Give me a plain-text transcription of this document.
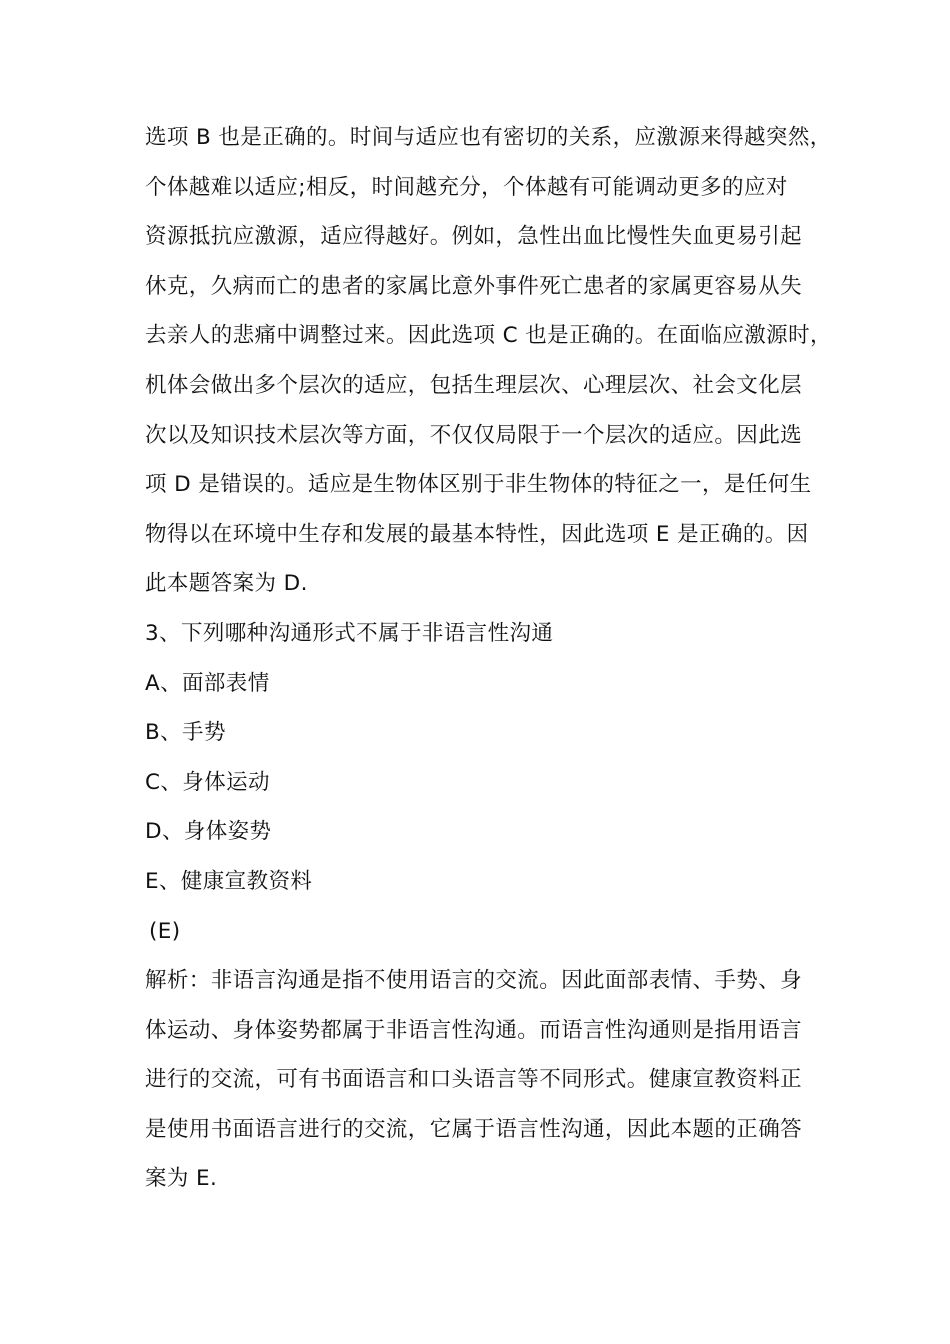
选项 B 也是正确的。时间与适应也有密切的关系，应激源来得越突然，
个体越难以适应;相反，时间越充分，个体越有可能调动更多的应对
资源抵抗应激源，适应得越好。例如，急性出血比慢性失血更易引起
休克，久病而亡的患者的家属比意外事件死亡患者的家属更容易从失
去亲人的悲痛中调整过来。因此选项 C 也是正确的。在面临应激源时，
机体会做出多个层次的适应，包括生理层次、心理层次、社会文化层
次以及知识技术层次等方面，不仅仅局限于一个层次的适应。因此选
项 D 是错误的。适应是生物体区别于非生物体的特征之一，是任何生
物得以在环境中生存和发展的最基本特性，因此选项 E 是正确的。因
此本题答案为 D.

3、下列哪种沟通形式不属于非语言性沟通

A、面部表情

B、手势

C、身体运动

D、身体姿势

E、健康宣教资料

(E)

解析：非语言沟通是指不使用语言的交流。因此面部表情、手势、身
体运动、身体姿势都属于非语言性沟通。而语言性沟通则是指用语言
进行的交流，可有书面语言和口头语言等不同形式。健康宣教资料正
是使用书面语言进行的交流，它属于语言性沟通，因此本题的正确答
案为 E.
